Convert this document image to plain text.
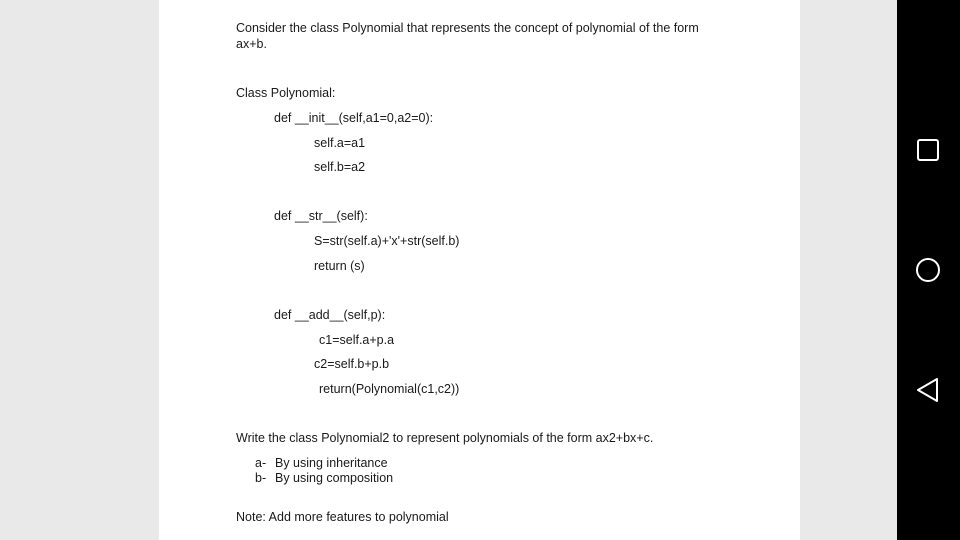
Consider the class Polynomial that represents the concept of polynomial of the form
ax+b.
Class Polynomial:
def __init__(self,a1=0,a2=0):
self.a=a1
self.b=a2
def __str__(self):
S=str(self.a)+'x'+str(self.b)
return (s)
def __add__(self,p):
c1=self.a+p.a
c2=self.b+p.b
return(Polynomial(c1,c2))
Write the class Polynomial2 to represent polynomials of the form ax2+bx+c.
a- By using inheritance
b- By using composition
Note: Add more features to polynomial
